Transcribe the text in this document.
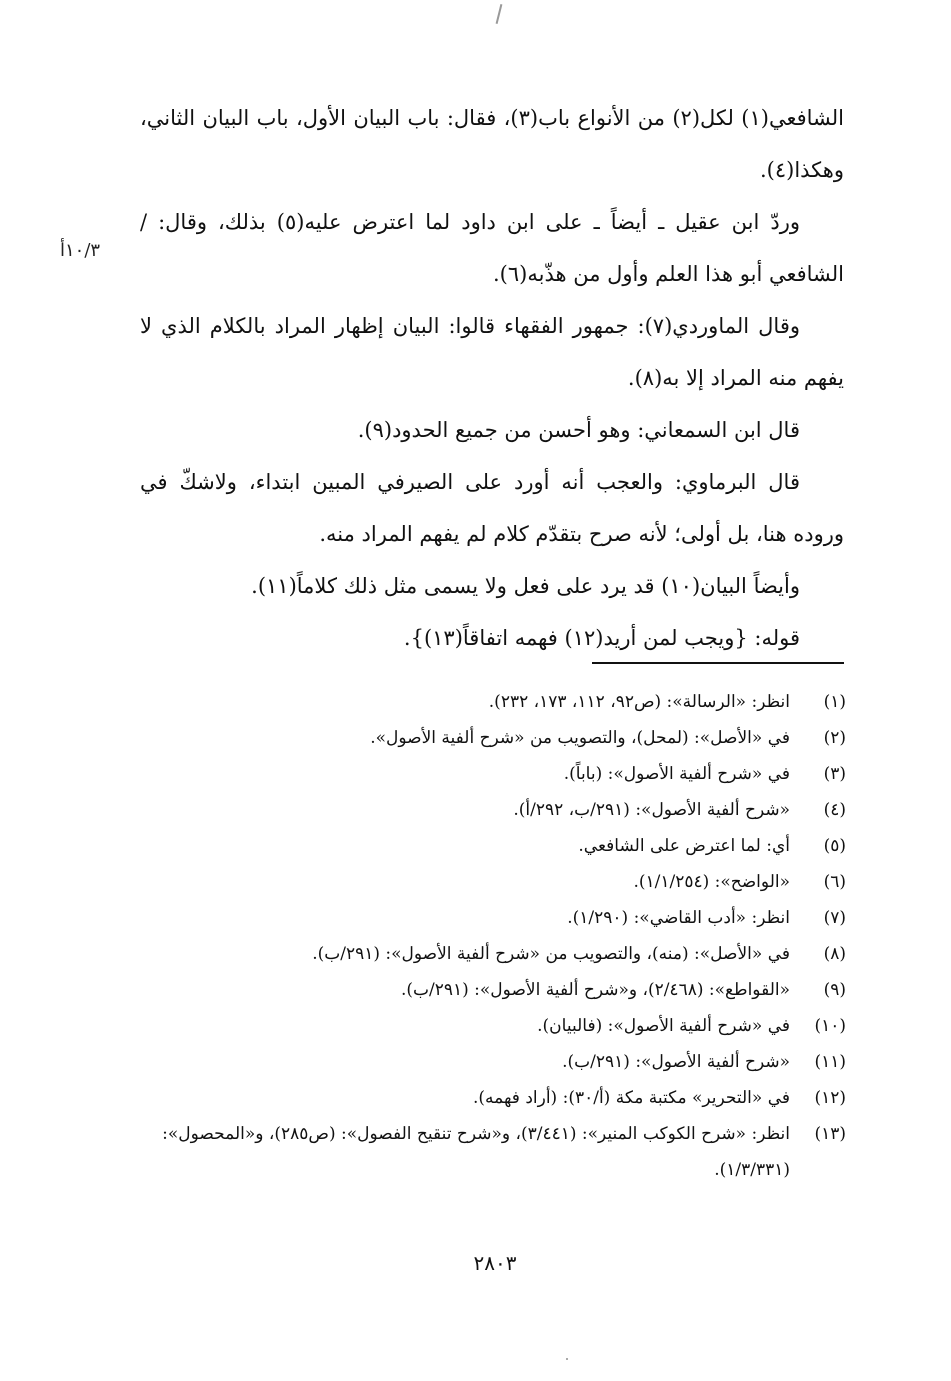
١٠/٣أ

الشافعي(١) لكل(٢) من الأنواع باب(٣)، فقال: باب البيان الأول، باب البيان الثاني، وهكذا(٤).

وردّ ابن عقيل ـ أيضاً ـ على ابن داود لما اعترض عليه(٥) بذلك، وقال: / الشافعي أبو هذا العلم وأول من هذّبه(٦).

وقال الماوردي(٧): جمهور الفقهاء قالوا: البيان إظهار المراد بالكلام الذي لا يفهم منه المراد إلا به(٨).

قال ابن السمعاني: وهو أحسن من جميع الحدود(٩).

قال البرماوي: والعجب أنه أورد على الصيرفي المبين ابتداء، ولاشكّ في وروده هنا، بل أولى؛ لأنه صرح بتقدّم كلام لم يفهم المراد منه.

وأيضاً البيان(١٠) قد يرد على فعل ولا يسمى مثل ذلك كلاماً(١١).

قوله: {ويجب لمن أريد(١٢) فهمه اتفاقاً(١٣)}.

(١)
انظر: «الرسالة»: (ص٩٢، ١١٢، ١٧٣، ٢٣٢).
(٢)
في «الأصل»: (لمحل)، والتصويب من «شرح ألفية الأصول».
(٣)
في «شرح ألفية الأصول»: (باباً).
(٤)
«شرح ألفية الأصول»: (٢٩١/ب، ٢٩٢/أ).
(٥)
أي: لما اعترض على الشافعي.
(٦)
«الواضح»: (١/١/٢٥٤).
(٧)
انظر: «أدب القاضي»: (١/٢٩٠).
(٨)
في «الأصل»: (منه)، والتصويب من «شرح ألفية الأصول»: (٢٩١/ب).
(٩)
«القواطع»: (٢/٤٦٨)، و«شرح ألفية الأصول»: (٢٩١/ب).
(١٠)
في «شرح ألفية الأصول»: (فالبيان).
(١١)
«شرح ألفية الأصول»: (٢٩١/ب).
(١٢)
في «التحرير» مكتبة مكة (أ/٣٠): (أراد فهمه).
(١٣)
انظر: «شرح الكوكب المنير»: (٣/٤٤١)، و«شرح تنقيح الفصول»: (ص٢٨٥)، و«المحصول»: (١/٣/٣٣١).
٢٨٠٣
